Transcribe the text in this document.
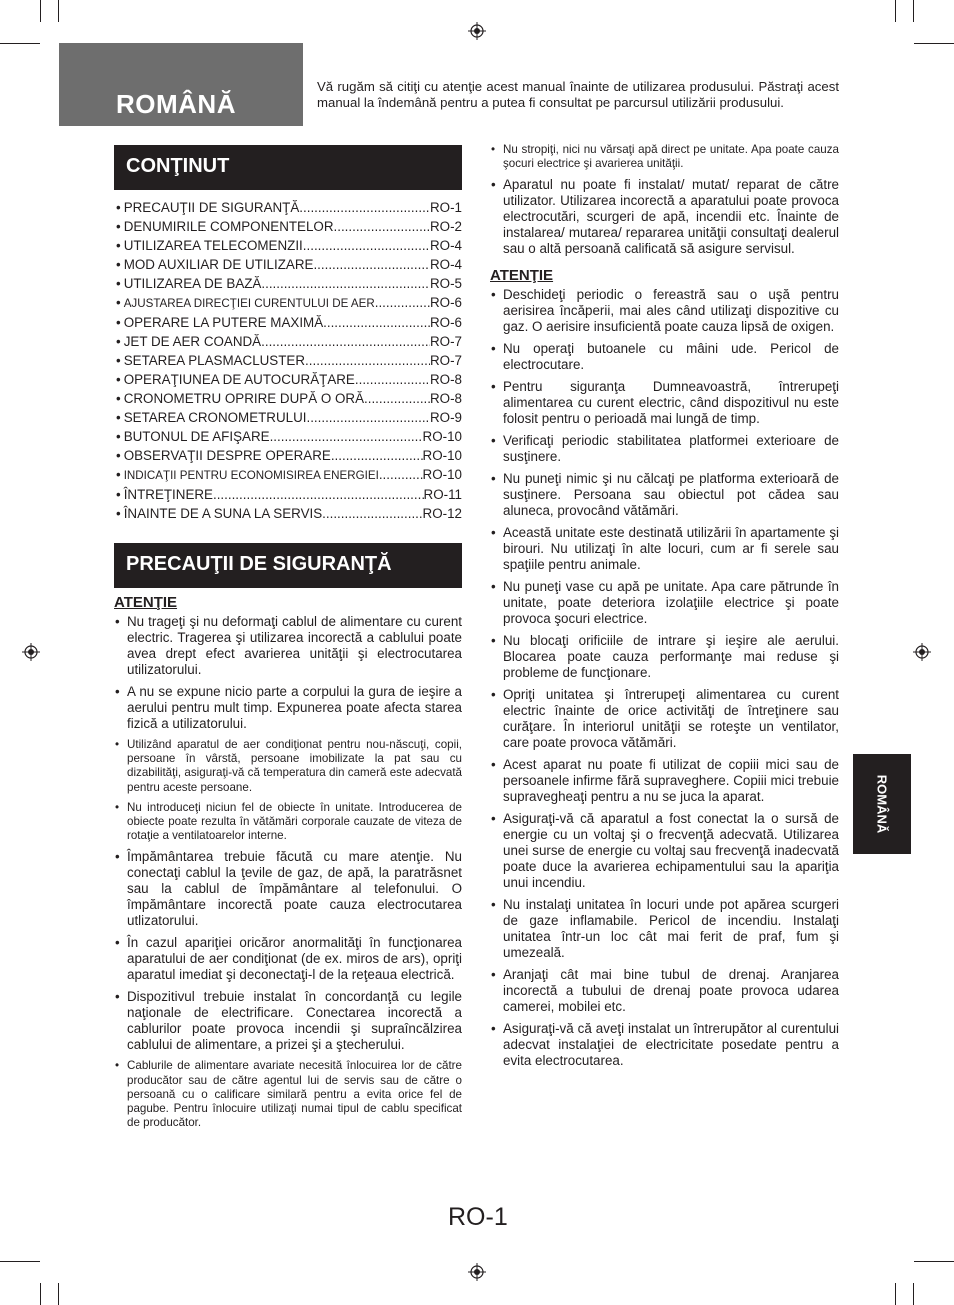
ROMÂNĂ

Vă rugăm să citiţi cu atenţie acest manual înainte de utilizarea produsului. Păstraţi acest manual la îndemână pentru a putea fi consultat pe parcursul utilizării produsului.

CONŢINUT
• PRECAUŢII DE SIGURANŢĂ .....	RO-1
• DENUMIRILE COMPONENTELOR .....	RO-2
• UTILIZAREA TELECOMENZII .....	RO-4
• MOD AUXILIAR DE UTILIZARE .....	RO-4
• UTILIZAREA DE BAZĂ .....	RO-5
• AJUSTAREA DIRECŢIEI CURENTULUI DE AER .....	RO-6
• OPERARE LA PUTERE MAXIMĂ .....	RO-6
• JET DE AER COANDĂ .....	RO-7
• SETAREA PLASMACLUSTER .....	RO-7
• OPERAŢIUNEA DE AUTOCURĂŢARE .....	RO-8
• CRONOMETRU OPRIRE DUPĂ O ORĂ .....	RO-8
• SETAREA CRONOMETRULUI .....	RO-9
• BUTONUL DE AFIŞARE .....	RO-10
• OBSERVAŢII DESPRE OPERARE .....	RO-10
• INDICAŢII PENTRU ECONOMISIREA ENERGIEI .....	RO-10
• ÎNTREŢINERE .....	RO-11
• ÎNAINTE DE A SUNA LA SERVIS .....	RO-12
PRECAUŢII DE SIGURANŢĂ
ATENŢIE
• Nu trageţi şi nu deformaţi cablul de alimentare cu curent electric. Tragerea şi utilizarea incorectă a cablului poate avea drept efect avarierea unităţii şi electrocutarea utilizatorului.
• A nu se expune nicio parte a corpului la gura de ieşire a aerului pentru mult timp. Expunerea poate afecta starea fizică a utilizatorului.
• Utilizând aparatul de aer condiţionat pentru nou-născuţi, copii, persoane în vârstă, persoane imobilizate la pat sau cu dizabilităţi, asiguraţi-vă că temperatura din cameră este adecvată pentru aceste persoane.
• Nu introduceţi niciun fel de obiecte în unitate. Introducerea de obiecte poate rezulta în vătămări corporale cauzate de viteza de rotaţie a ventilatoarelor interne.
• Împământarea trebuie făcută cu mare atenţie. Nu conectaţi cablul la ţevile de gaz, de apă, la paratrăsnet sau la cablul de împământare al telefonului. O împământare incorectă poate cauza electrocutarea utlizatorului.
• În cazul apariţiei oricăror anormalităţi în funcţionarea aparatului de aer condiţionat (de ex. miros de ars), opriţi aparatul imediat şi deconectaţi-l de la reţeaua electrică.
• Dispozitivul trebuie instalat în concordanţă cu legile naţionale de electrificare. Conectarea incorectă a cablurilor poate provoca incendii şi supraîncălzirea cablului de alimentare, a prizei şi a ştecherului.
• Cablurile de alimentare avariate necesită înlocuirea lor de către producător sau de către agentul lui de servis sau de către o persoană cu o calificare similară pentru a evita orice fel de pagube. Pentru înlocuire utilizaţi numai tipul de cablu specificat de producător.
• Nu stropiţi, nici nu vărsaţi apă direct pe unitate. Apa poate cauza şocuri electrice şi avarierea unităţii.
• Aparatul nu poate fi instalat/ mutat/ reparat de către utilizator. Utilizarea incorectă a aparatului poate provoca electrocutări, scurgeri de apă, incendii etc. Înainte de instalarea/ mutarea/ repararea unităţii consultaţi dealerul sau o altă persoană calificată să asigure servisul.
ATENŢIE
• Deschideţi periodic o fereastră sau o uşă pentru aerisirea încăperii, mai ales când utilizaţi dispozitive cu gaz. O aerisire insuficientă poate cauza lipsă de oxigen.
• Nu operaţi butoanele cu mâini ude. Pericol de electrocutare.
• Pentru siguranţa Dumneavoastră, întrerupeţi alimentarea cu curent electric, când dispozitivul nu este folosit pentru o perioadă mai lungă de timp.
• Verificaţi periodic stabilitatea platformei exterioare de susţinere.
• Nu puneţi nimic şi nu călcaţi pe platforma exterioară de susţinere. Persoana sau obiectul pot cădea sau aluneca, provocând vătămări.
• Această unitate este destinată utilizării în apartamente şi birouri. Nu utilizaţi în alte locuri, cum ar fi serele sau spaţiile pentru animale.
• Nu puneţi vase cu apă pe unitate. Apa care pătrunde în unitate, poate deteriora izolaţiile electrice şi poate provoca şocuri electrice.
• Nu blocaţi orificiile de intrare şi ieşire ale aerului. Blocarea poate cauza performanţe mai reduse şi probleme de funcţionare.
• Opriţi unitatea şi întrerupeţi alimentarea cu curent electric înainte de orice activităţi de întreţinere sau curăţare. În interiorul unităţii se roteşte un ventilator, care poate provoca vătămări.
• Acest aparat nu poate fi utilizat de copiii mici sau de persoanele infirme fără supraveghere. Copiii mici trebuie supravegheaţi pentru a nu se juca la aparat.
• Asiguraţi-vă că aparatul a fost conectat la o sursă de energie cu un voltaj şi o frecvenţă adecvată. Utilizarea unei surse de energie cu voltaj sau frecvenţă inadecvată poate duce la avarierea echipamentului sau la apariţia unui incendiu.
• Nu instalaţi unitatea în locuri unde pot apărea scurgeri de gaze inflamabile. Pericol de incendiu. Instalaţi unitatea într-un loc cât mai ferit de praf, fum şi umezeală.
• Aranjaţi cât mai bine tubul de drenaj. Aranjarea incorectă a tubului de drenaj poate provoca udarea camerei, mobilei etc.
• Asiguraţi-vă că aveţi instalat un întrerupător al curentului adecvat instalaţiei de electricitate posedate pentru a evita electrocutarea.
ROMÂNĂ
RO-1
